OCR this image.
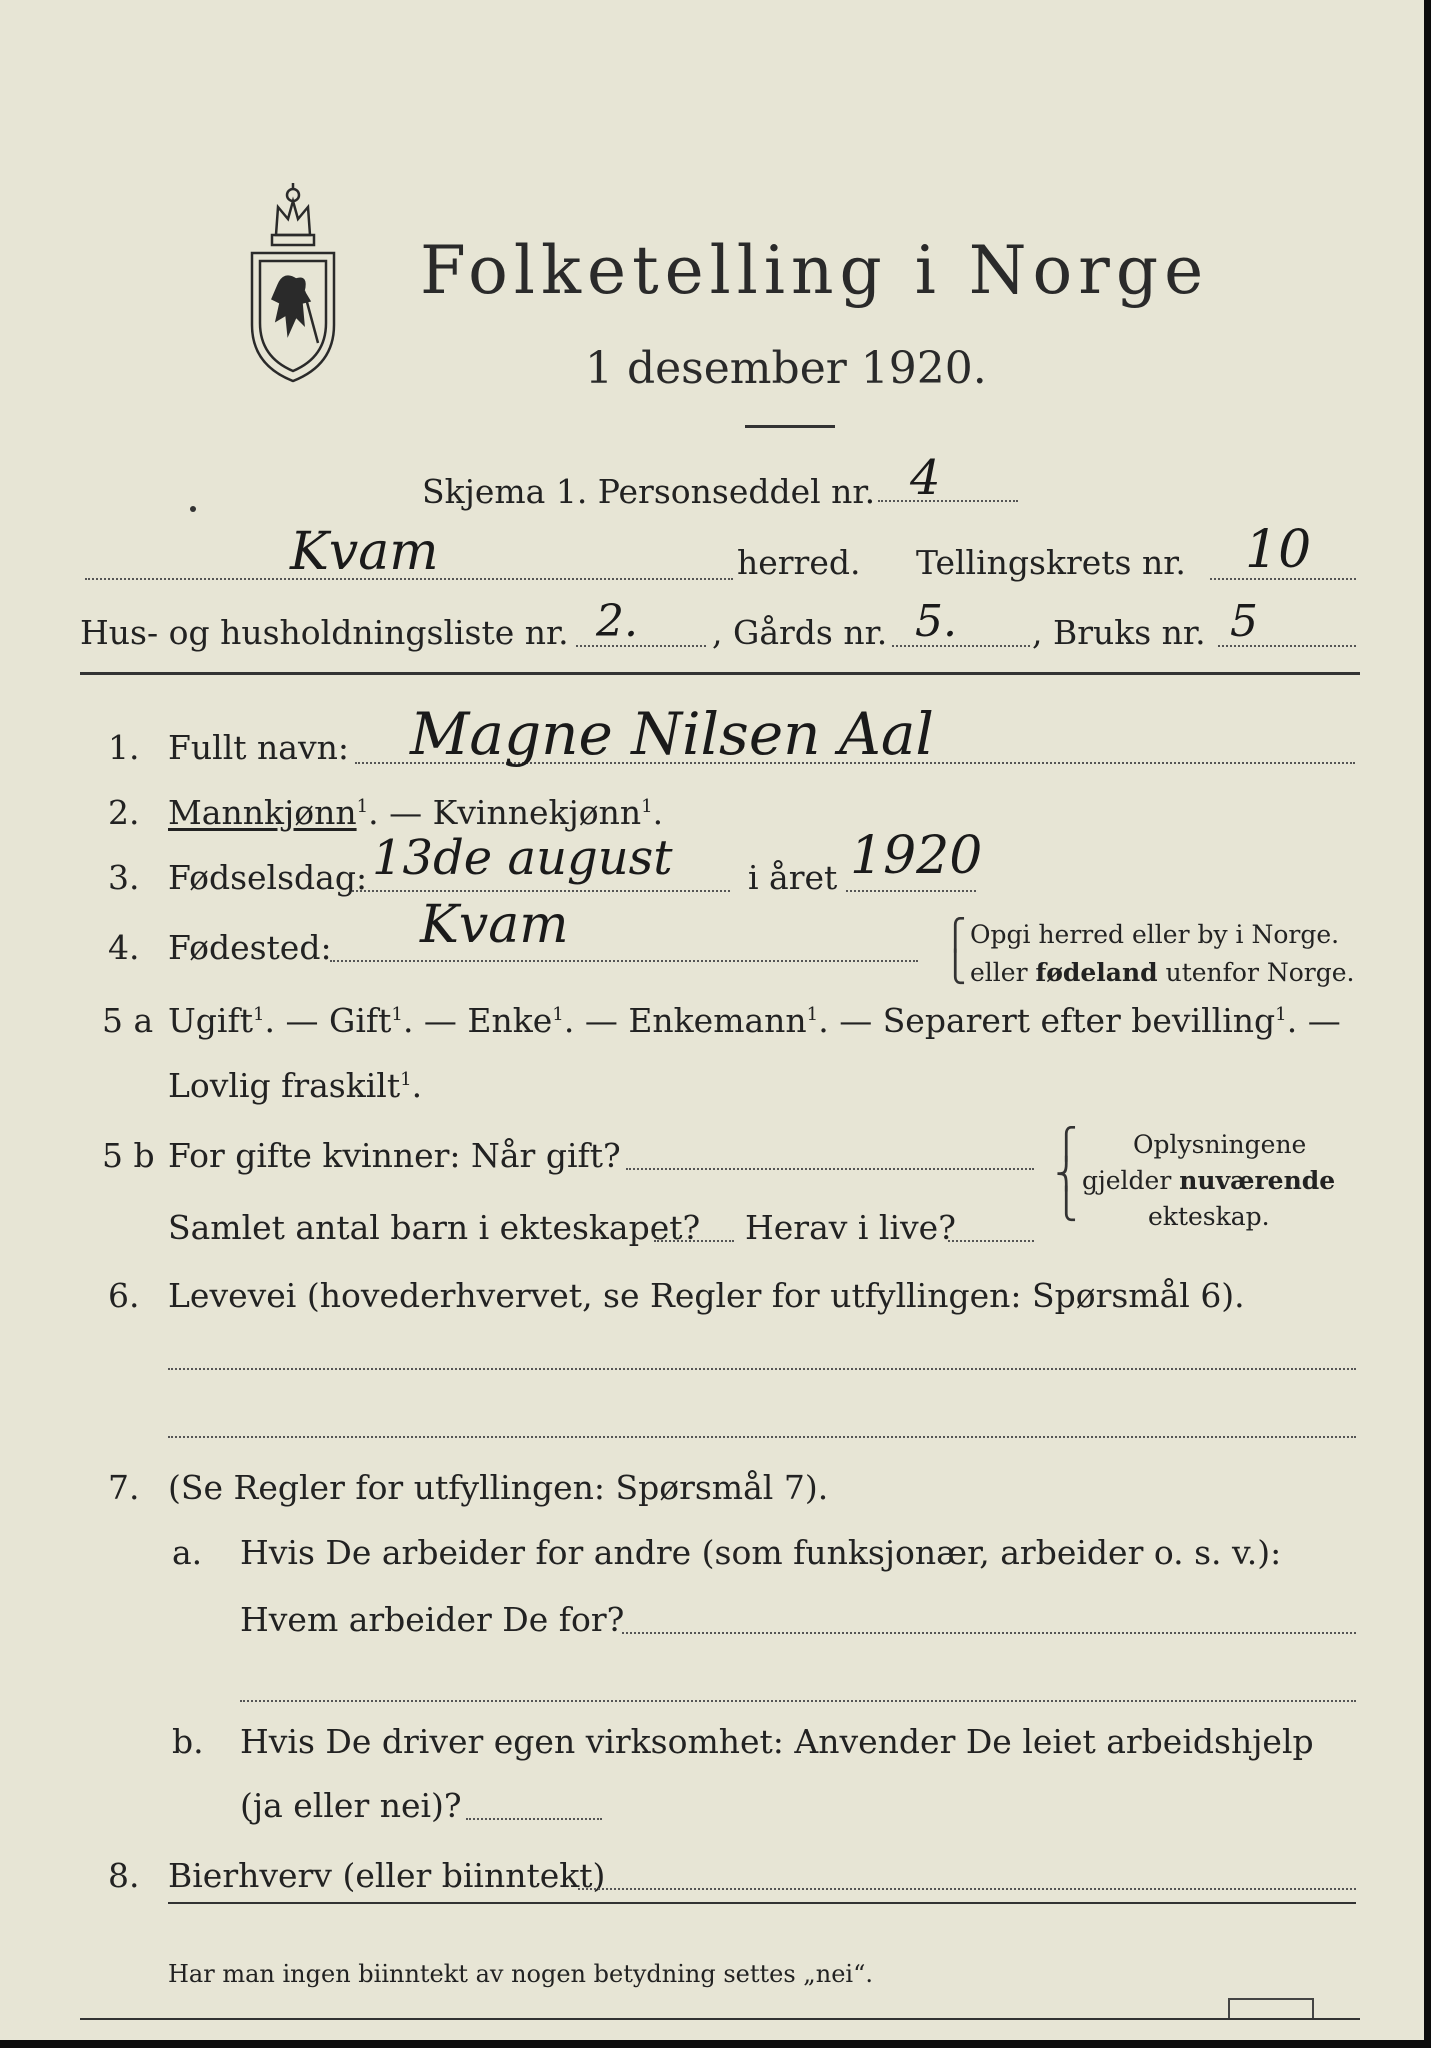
Folketelling i Norge
1 desember 1920.
Skjema 1. Personseddel nr. 4
Kvam	herred. Tellingskrets nr. 10
Hus- og husholdningsliste nr. 2. , Gårds nr. 5. , Bruks nr. 5
1. Fullt navn: Magne Nilsen Aal
2. Mannkjønn$^1$. — Kvinnekjønn$^1$.
3. Fødselsdag: 13de august i året 1920
4. Fødested: Kvam	⎧
⎩
Opgi herred eller by i Norge.
eller fødeland utenfor Norge.
5 a Ugift$^1$. — Gift$^1$. — Enke$^1$. — Enkemann$^1$. — Separert efter bevilling$^1$. —
Lovlig fraskilt$^1$.
5 b For gifte kvinner: Når gift?
Samlet antal barn i ekteskapet? Herav i live?
⎧
⎨
⎩
Oplysningene
gjelder nuværende
ekteskap.
6. Levevei (hovederhvervet, se Regler for utfyllingen: Spørsmål 6).
7. (Se Regler for utfyllingen: Spørsmål 7).
a. Hvis De arbeider for andre (som funksjonær, arbeider o. s. v.):
Hvem arbeider De for?
b. Hvis De driver egen virksomhet: Anvender De leiet arbeidshjelp
(ja eller nei)?
8. Bierhverv (eller biinntekt)
Har man ingen biinntekt av nogen betydning settes „nei“.
